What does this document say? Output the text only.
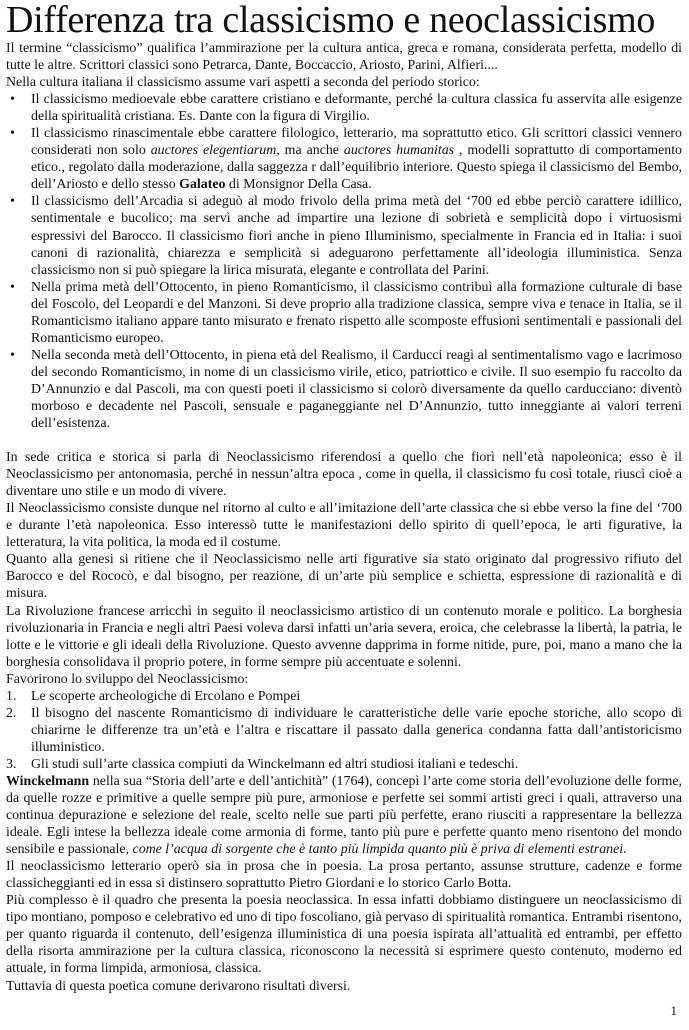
Differenza tra classicismo e neoclassicismo

Il termine “classicismo” qualifica l’ammirazione per la cultura antica, greca e romana, considerata perfetta, modello di tutte le altre. Scrittori classici sono Petrarca, Dante, Boccaccio, Ariosto, Parini, Alfieri....

Nella cultura italiana il classicismo assume vari aspetti a seconda del periodo storico:

• Il classicismo medioevale ebbe carattere cristiano e deformante, perché la cultura classica fu asservita alle esigenze della spiritualità cristiana. Es. Dante con la figura di Virgilio.
• Il classicismo rinascimentale ebbe carattere filologico, letterario, ma soprattutto etico. Gli scrittori classici vennero considerati non solo auctores elegentiarum, ma anche auctores humanitas , modelli soprattutto di comportamento etico., regolato dalla moderazione, dalla saggezza r dall’equilibrio interiore. Questo spiega il classicismo del Bembo, dell’Ariosto e dello stesso Galateo di Monsignor Della Casa.
• Il classicismo dell’Arcadia si adeguò al modo frivolo della prima metà del ‘700 ed ebbe perciò carattere idillico, sentimentale e bucolico; ma servì anche ad impartire una lezione di sobrietà e semplicità dopo i virtuosismi espressivi del Barocco. Il classicismo fiorì anche in pieno Illuminismo, specialmente in Francia ed in Italia: i suoi canoni di razionalità, chiarezza e semplicità si adeguarono perfettamente all’ideologia illuministica. Senza classicismo non si può spiegare la lirica misurata, elegante e controllata del Parini.
• Nella prima metà dell’Ottocento, in pieno Romanticismo, il classicismo contribuì alla formazione culturale di base del Foscolo, del Leopardi e del Manzoni. Si deve proprio alla tradizione classica, sempre viva e tenace in Italia, se il Romanticismo italiano appare tanto misurato e frenato rispetto alle scomposte effusioni sentimentali e passionali del Romanticismo europeo.
• Nella seconda metà dell’Ottocento, in piena età del Realismo, il Carducci reagì al sentimentalismo vago e lacrimoso del secondo Romanticismo, in nome di un classicismo virile, etico, patriottico e civile. Il suo esempio fu raccolto da D’Annunzio e dal Pascoli, ma con questi poeti il classicismo si colorò diversamente da quello carducciano: diventò morboso e decadente nel Pascoli, sensuale e paganeggiante nel D’Annunzio, tutto inneggiante ai valori terreni dell’esistenza.

In sede critica e storica si parla di Neoclassicismo riferendosi a quello che fiorì nell’età napoleonica; esso è il Neoclassicismo per antonomasia, perché in nessun’altra epoca , come in quella, il classicismo fu così totale, riuscì cioè a diventare uno stile e un modo di vivere.

Il Neoclassicismo consiste dunque nel ritorno al culto e all’imitazione dell’arte classica che si ebbe verso la fine del ‘700 e durante l’età napoleonica. Esso interessò tutte le manifestazioni dello spirito di quell’epoca, le arti figurative, la letteratura, la vita politica, la moda ed il costume.

Quanto alla genesi si ritiene che il Neoclassicismo nelle arti figurative sia stato originato dal progressivo rifiuto del Barocco e del Rococò, e dal bisogno, per reazione, di un’arte più semplice e schietta, espressione di razionalità e di misura.

La Rivoluzione francese arricchì in seguito il neoclassicismo artistico di un contenuto morale e politico. La borghesia rivoluzionaria in Francia e negli altri Paesi voleva darsi infatti un’aria severa, eroica, che celebrasse la libertà, la patria, le lotte e le vittorie e gli ideali della Rivoluzione. Questo avvenne dapprima in forme nitide, pure, poi, mano a mano che la borghesia consolidava il proprio potere, in forme sempre più accentuate e solenni.

Favorirono lo sviluppo del Neoclassicismo:

1. Le scoperte archeologiche di Ercolano e Pompei
2. Il bisogno del nascente Romanticismo di individuare le caratteristiche delle varie epoche storiche, allo scopo di chiarirne le differenze tra un’età e l’altra e riscattare il passato dalla generica condanna fatta dall’antistoricismo illuministico.
3. Gli studi sull’arte classica compiuti da Winckelmann ed altri studiosi italiani e tedeschi.

Winckelmann nella sua “Storia dell’arte e dell’antichità” (1764), concepì l’arte come storia dell’evoluzione delle forme, da quelle rozze e primitive a quelle sempre più pure, armoniose e perfette sei sommi artisti greci i quali, attraverso una continua depurazione e selezione del reale, scelto nelle sue parti più perfette, erano riusciti a rappresentare la bellezza ideale. Egli intese la bellezza ideale come armonia di forme, tanto più pure e perfette quanto meno risentono del mondo sensibile e passionale, come l’acqua di sorgente che è tanto più limpida quanto più è priva di elementi estranei.

Il neoclassicismo letterario operò sia in prosa che in poesia. La prosa pertanto, assunse strutture, cadenze e forme classicheggianti ed in essa si distinsero soprattutto Pietro Giordani e lo storico Carlo Botta.

Più complesso è il quadro che presenta la poesia neoclassica. In essa infatti dobbiamo distinguere un neoclassicismo di tipo montiano, pomposo e celebrativo ed uno di tipo foscoliano, già pervaso di spiritualità romantica. Entrambi risentono, per quanto riguarda il contenuto, dell’esigenza illuministica di una poesia ispirata all’attualità ed entrambi, per effetto della risorta ammirazione per la cultura classica, riconoscono la necessità si esprimere questo contenuto, moderno ed attuale, in forma limpida, armoniosa, classica.

Tuttavia di questa poetica comune derivarono risultati diversi.

1
